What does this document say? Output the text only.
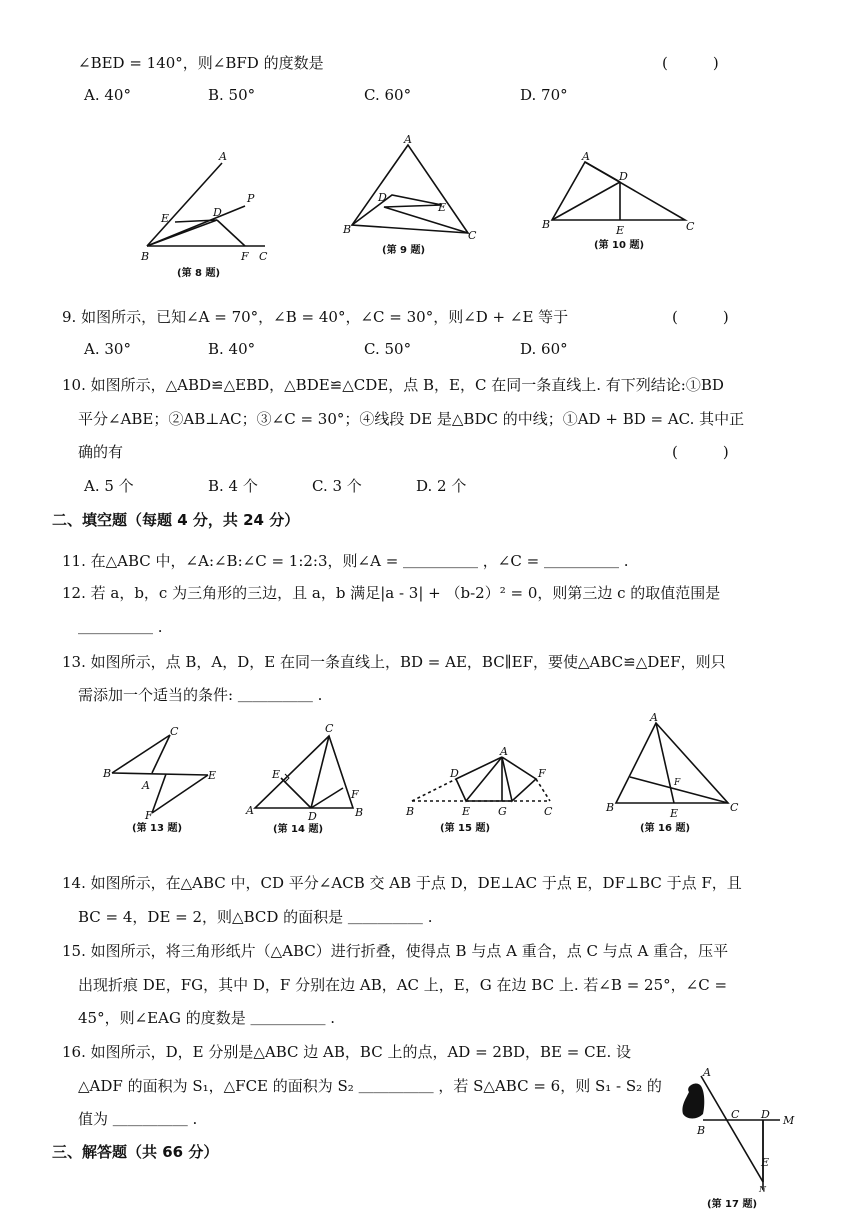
∠BED = 140°，则∠BFD 的度数是	(　　　)
A. 40°	B. 50°	C. 60°	D. 70°
A
E	D
P
B	F C
(第 8 题)
A
D
E
B	C
(第 9 题)
A
D
B	E	C
(第 10 题)
9. 如图所示，已知∠A = 70°，∠B = 40°，∠C = 30°，则∠D + ∠E 等于	(　　　)
A. 30°	B. 40°	C. 50°	D. 60°
10. 如图所示，△ABD≌△EBD，△BDE≌△CDE，点 B，E，C 在同一条直线上. 有下列结论:①BD
平分∠ABE；②AB⊥AC；③∠C = 30°；④线段 DE 是△BDC 的中线；①AD + BD = AC. 其中正
确的有	(　　　)
A. 5 个	B. 4 个	C. 3 个	D. 2 个
二、填空题（每题 4 分，共 24 分）
11. 在△ABC 中，∠A:∠B:∠C = 1:2:3，则∠A = ＿＿＿＿＿ ，∠C = ＿＿＿＿＿ .
12. 若 a，b，c 为三角形的三边，且 a，b 满足|a - 3| + （b-2）² = 0，则第三边 c 的取值范围是
＿＿＿＿＿ .
13. 如图所示，点 B，A，D，E 在同一条直线上，BD = AE，BC∥EF，要使△ABC≌△DEF，则只
需添加一个适当的条件: ＿＿＿＿＿ .
C
B
A
E
F
(第 13 题)
C
E
F
A	D	B
(第 14 题)
A
D	F
B	E	G	C
(第 15 题)
A
F
B	E	C
(第 16 题)
14. 如图所示，在△ABC 中，CD 平分∠ACB 交 AB 于点 D，DE⊥AC 于点 E，DF⊥BC 于点 F，且
BC = 4，DE = 2，则△BCD 的面积是 ＿＿＿＿＿ .
15. 如图所示，将三角形纸片（△ABC）进行折叠，使得点 B 与点 A 重合，点 C 与点 A 重合，压平
出现折痕 DE，FG，其中 D，F 分别在边 AB，AC 上，E，G 在边 BC 上. 若∠B = 25°，∠C =
45°，则∠EAG 的度数是 ＿＿＿＿＿ .
16. 如图所示，D，E 分别是△ABC 边 AB，BC 上的点，AD = 2BD，BE = CE. 设
△ADF 的面积为 S₁，△FCE 的面积为 S₂ ＿＿＿＿＿ ，若 S△ABC = 6，则 S₁ - S₂ 的
值为 ＿＿＿＿＿ .
三、解答题（共 66 分）
A
B
C D M
E
N
(第 17 题)
